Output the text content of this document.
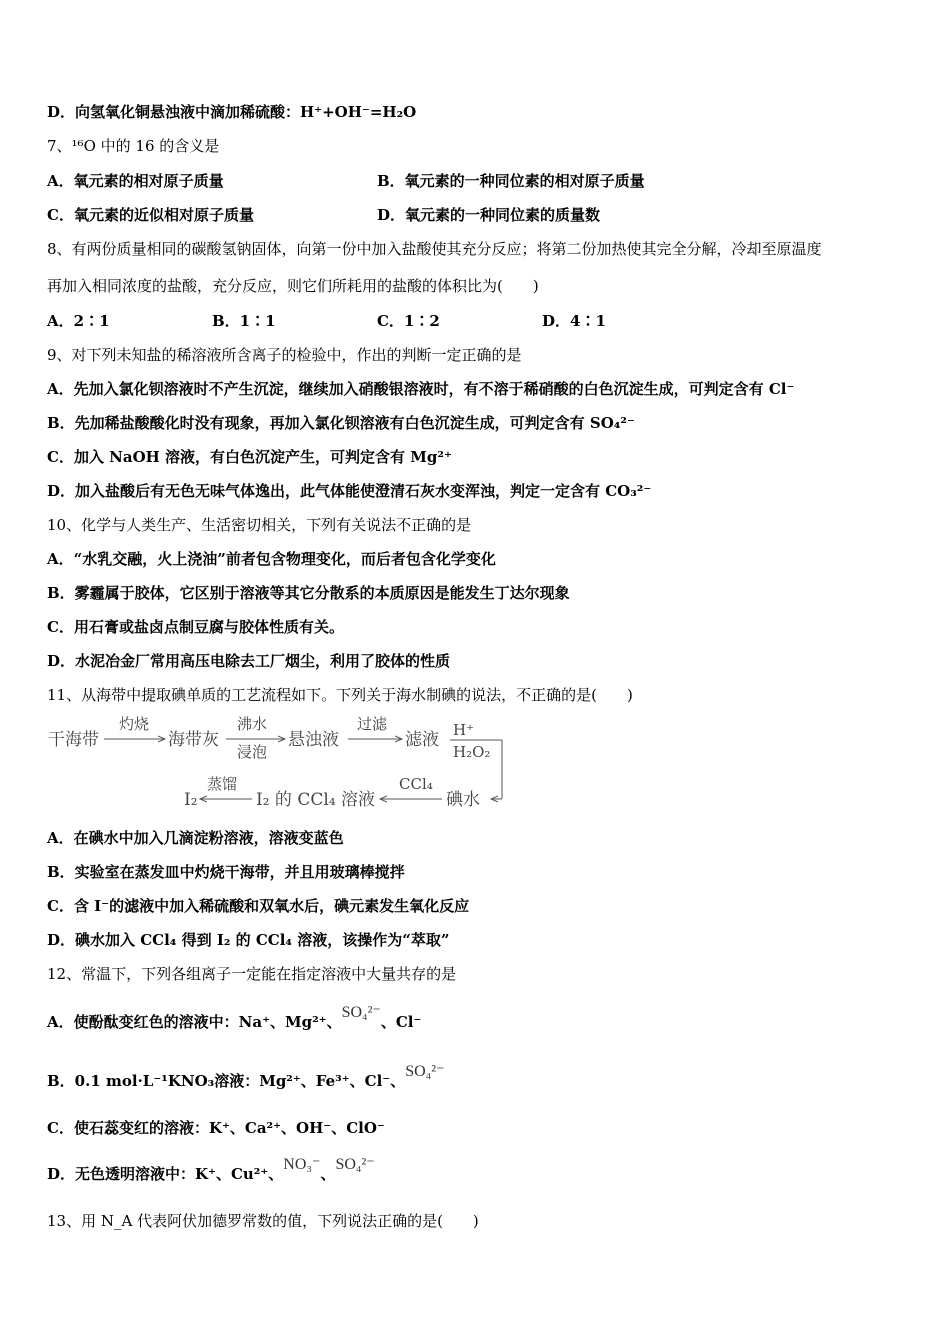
D．向氢氧化铜悬浊液中滴加稀硫酸：H⁺+OH⁻=H₂O
7、¹⁶O 中的 16 的含义是
A．氧元素的相对原子质量	B．氧元素的一种同位素的相对原子质量
C．氧元素的近似相对原子质量	D．氧元素的一种同位素的质量数
8、有两份质量相同的碳酸氢钠固体，向第一份中加入盐酸使其充分反应；将第二份加热使其完全分解，冷却至原温度
再加入相同浓度的盐酸，充分反应，则它们所耗用的盐酸的体积比为(　　)
A．2∶1	B．1∶1	C．1∶2	D．4∶1
9、对下列未知盐的稀溶液所含离子的检验中，作出的判断一定正确的是
A．先加入氯化钡溶液时不产生沉淀，继续加入硝酸银溶液时，有不溶于稀硝酸的白色沉淀生成，可判定含有 Cl⁻
B．先加稀盐酸酸化时没有现象，再加入氯化钡溶液有白色沉淀生成，可判定含有 SO₄²⁻
C．加入 NaOH 溶液，有白色沉淀产生，可判定含有 Mg²⁺
D．加入盐酸后有无色无味气体逸出，此气体能使澄清石灰水变浑浊，判定一定含有 CO₃²⁻
10、化学与人类生产、生活密切相关，下列有关说法不正确的是
A．“水乳交融，火上浇油”前者包含物理变化，而后者包含化学变化
B．雾霾属于胶体，它区别于溶液等其它分散系的本质原因是能发生丁达尔现象
C．用石膏或盐卤点制豆腐与胶体性质有关。
D．水泥冶金厂常用高压电除去工厂烟尘，利用了胶体的性质
11、从海带中提取碘单质的工艺流程如下。下列关于海水制碘的说法，不正确的是(　　)
干海带	海带灰	悬浊液	滤液
碘水
I₂ 的 CCl₄ 溶液
I₂
灼烧	沸水
浸泡
过滤	H⁺
H₂O₂
CCl₄
蒸馏
A．在碘水中加入几滴淀粉溶液，溶液变蓝色
B．实验室在蒸发皿中灼烧干海带，并且用玻璃棒搅拌
C．含 I⁻的滤液中加入稀硫酸和双氧水后，碘元素发生氧化反应
D．碘水加入 CCl₄ 得到 I₂ 的 CCl₄ 溶液，该操作为“萃取”
12、常温下，下列各组离子一定能在指定溶液中大量共存的是
A．使酚酞变红色的溶液中：Na⁺、Mg²⁺、SO₄²⁻、Cl⁻
B．0.1 mol·L⁻¹KNO₃溶液：Mg²⁺、Fe³⁺、Cl⁻、SO₄²⁻
C．使石蕊变红的溶液：K⁺、Ca²⁺、OH⁻、ClO⁻
D．无色透明溶液中：K⁺、Cu²⁺、NO₃⁻、SO₄²⁻
13、用 N_A 代表阿伏加德罗常数的值，下列说法正确的是(　　)
